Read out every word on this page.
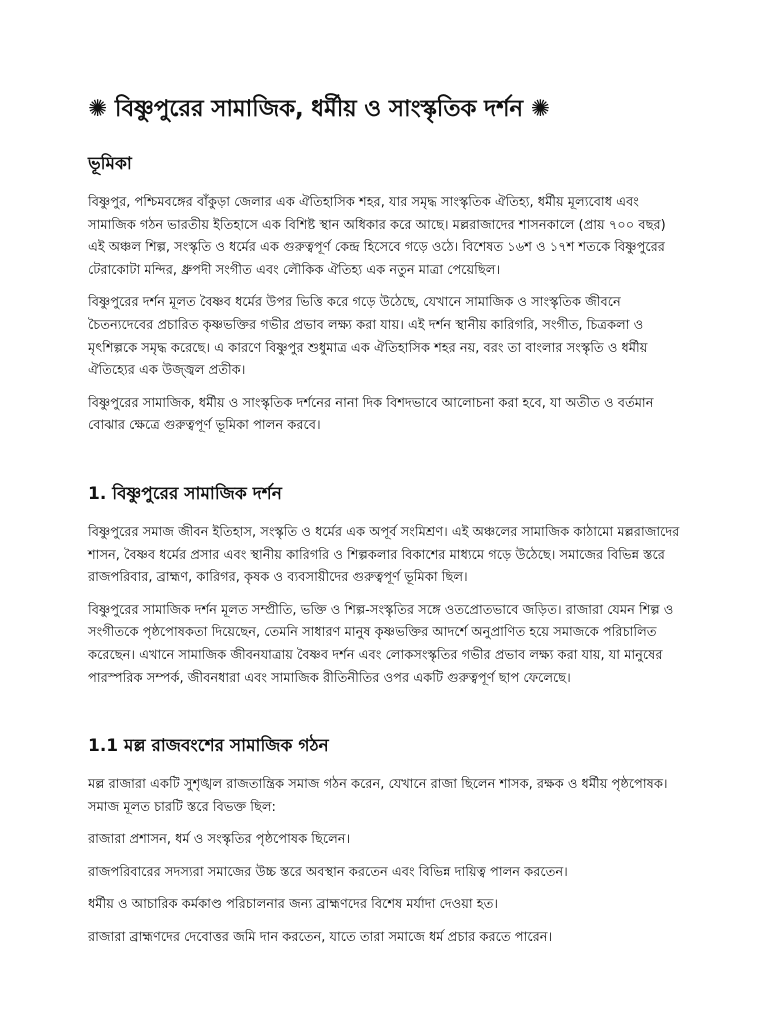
✺ বিষ্ণুপুরের সামাজিক, ধর্মীয় ও সাংস্কৃতিক দর্শন ✺
ভূমিকা

বিষ্ণুপুর, পশ্চিমবঙ্গের বাঁকুড়া জেলার এক ঐতিহাসিক শহর, যার সমৃদ্ধ সাংস্কৃতিক ঐতিহ্য, ধর্মীয় মূল্যবোধ এবং সামাজিক গঠন ভারতীয় ইতিহাসে এক বিশিষ্ট স্থান অধিকার করে আছে। মল্লরাজাদের শাসনকালে (প্রায় ৭০০ বছর) এই অঞ্চল শিল্প, সংস্কৃতি ও ধর্মের এক গুরুত্বপূর্ণ কেন্দ্র হিসেবে গড়ে ওঠে। বিশেষত ১৬শ ও ১৭শ শতকে বিষ্ণুপুরের টেরাকোটা মন্দির, ধ্রুপদী সংগীত এবং লৌকিক ঐতিহ্য এক নতুন মাত্রা পেয়েছিল।

বিষ্ণুপুরের দর্শন মূলত বৈষ্ণব ধর্মের উপর ভিত্তি করে গড়ে উঠেছে, যেখানে সামাজিক ও সাংস্কৃতিক জীবনে চৈতন্যদেবের প্রচারিত কৃষ্ণভক্তির গভীর প্রভাব লক্ষ্য করা যায়। এই দর্শন স্থানীয় কারিগরি, সংগীত, চিত্রকলা ও মৃৎশিল্পকে সমৃদ্ধ করেছে। এ কারণে বিষ্ণুপুর শুধুমাত্র এক ঐতিহাসিক শহর নয়, বরং তা বাংলার সংস্কৃতি ও ধর্মীয় ঐতিহ্যের এক উজ্জ্বল প্রতীক।

বিষ্ণুপুরের সামাজিক, ধর্মীয় ও সাংস্কৃতিক দর্শনের নানা দিক বিশদভাবে আলোচনা করা হবে, যা অতীত ও বর্তমান বোঝার ক্ষেত্রে গুরুত্বপূর্ণ ভূমিকা পালন করবে।

1. বিষ্ণুপুরের সামাজিক দর্শন

বিষ্ণুপুরের সমাজ জীবন ইতিহাস, সংস্কৃতি ও ধর্মের এক অপূর্ব সংমিশ্রণ। এই অঞ্চলের সামাজিক কাঠামো মল্লরাজাদের শাসন, বৈষ্ণব ধর্মের প্রসার এবং স্থানীয় কারিগরি ও শিল্পকলার বিকাশের মাধ্যমে গড়ে উঠেছে। সমাজের বিভিন্ন স্তরে রাজপরিবার, ব্রাহ্মণ, কারিগর, কৃষক ও ব্যবসায়ীদের গুরুত্বপূর্ণ ভূমিকা ছিল।

বিষ্ণুপুরের সামাজিক দর্শন মূলত সম্প্রীতি, ভক্তি ও শিল্প-সংস্কৃতির সঙ্গে ওতপ্রোতভাবে জড়িত। রাজারা যেমন শিল্প ও সংগীতকে পৃষ্ঠপোষকতা দিয়েছেন, তেমনি সাধারণ মানুষ কৃষ্ণভক্তির আদর্শে অনুপ্রাণিত হয়ে সমাজকে পরিচালিত করেছেন। এখানে সামাজিক জীবনযাত্রায় বৈষ্ণব দর্শন এবং লোকসংস্কৃতির গভীর প্রভাব লক্ষ্য করা যায়, যা মানুষের পারস্পরিক সম্পর্ক, জীবনধারা এবং সামাজিক রীতিনীতির ওপর একটি গুরুত্বপূর্ণ ছাপ ফেলেছে।

1.1 মল্ল রাজবংশের সামাজিক গঠন

মল্ল রাজারা একটি সুশৃঙ্খল রাজতান্ত্রিক সমাজ গঠন করেন, যেখানে রাজা ছিলেন শাসক, রক্ষক ও ধর্মীয় পৃষ্ঠপোষক। সমাজ মূলত চারটি স্তরে বিভক্ত ছিল:

রাজারা প্রশাসন, ধর্ম ও সংস্কৃতির পৃষ্ঠপোষক ছিলেন।

রাজপরিবারের সদস্যরা সমাজের উচ্চ স্তরে অবস্থান করতেন এবং বিভিন্ন দায়িত্ব পালন করতেন।

ধর্মীয় ও আচারিক কর্মকাণ্ড পরিচালনার জন্য ব্রাহ্মণদের বিশেষ মর্যাদা দেওয়া হত।

রাজারা ব্রাহ্মণদের দেবোত্তর জমি দান করতেন, যাতে তারা সমাজে ধর্ম প্রচার করতে পারেন।
